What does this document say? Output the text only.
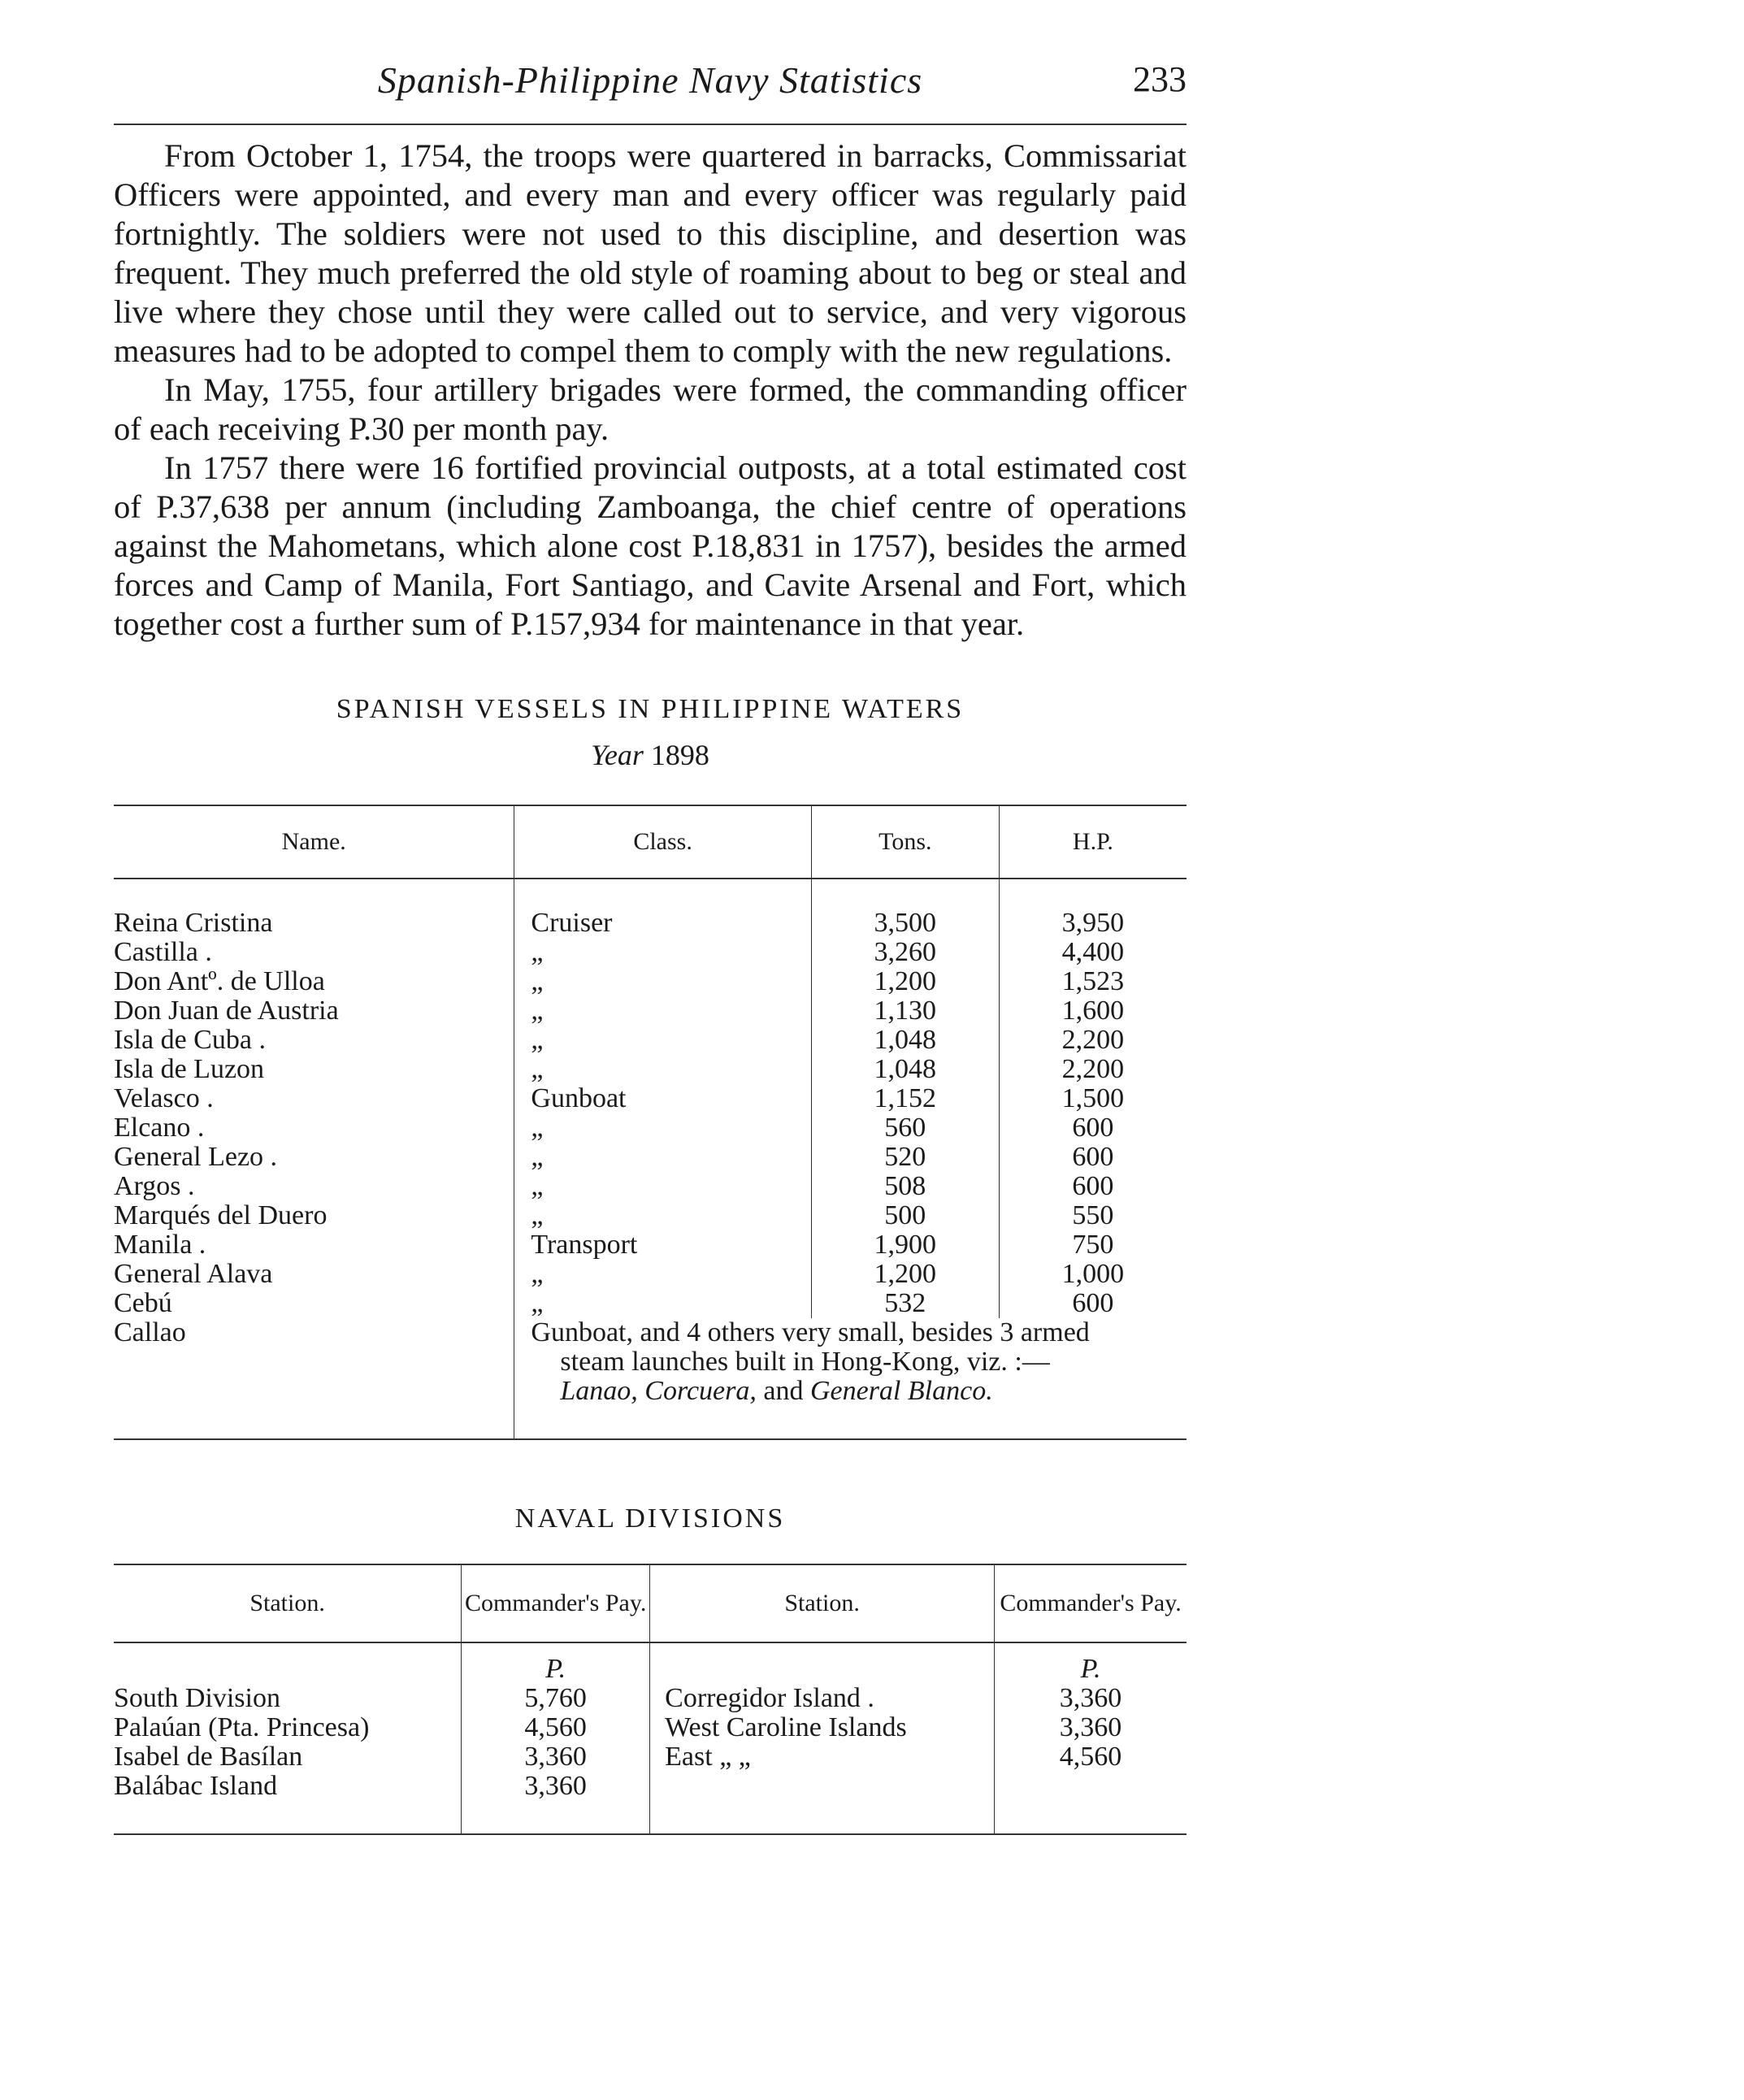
Spanish-Philippine Navy Statistics	233

From October 1, 1754, the troops were quartered in barracks, Commissariat Officers were appointed, and every man and every officer was regularly paid fortnightly. The soldiers were not used to this discipline, and desertion was frequent. They much preferred the old style of roaming about to beg or steal and live where they chose until they were called out to service, and very vigorous measures had to be adopted to compel them to comply with the new regulations.

In May, 1755, four artillery brigades were formed, the commanding officer of each receiving P.30 per month pay.

In 1757 there were 16 fortified provincial outposts, at a total estimated cost of P.37,638 per annum (including Zamboanga, the chief centre of operations against the Mahometans, which alone cost P.18,831 in 1757), besides the armed forces and Camp of Manila, Fort Santiago, and Cavite Arsenal and Fort, which together cost a further sum of P.157,934 for maintenance in that year.

SPANISH VESSELS IN PHILIPPINE WATERS
Year 1898
Name.	Class.	Tons.	H.P.
Reina Cristina	Cruiser	3,500	3,950
Castilla .	„	3,260	4,400
Don Antº. de Ulloa	„	1,200	1,523
Don Juan de Austria	„	1,130	1,600
Isla de Cuba .	„	1,048	2,200
Isla de Luzon	„	1,048	2,200
Velasco .	Gunboat	1,152	1,500
Elcano .	„	560	600
General Lezo .	„	520	600
Argos .	„	508	600
Marqués del Duero	„	500	550
Manila .	Transport	1,900	750
General Alava	„	1,200	1,000
Cebú	„	532	600
Callao	Gunboat, and 4 others very small, besides 3 armed
steam launches built in Hong-Kong, viz. :—
Lanao, Corcuera, and General Blanco.		
NAVAL DIVISIONS
Station.	Commander's Pay.	Station.	Commander's Pay.
	P.		P.
South Division	5,760	Corregidor Island .	3,360
Palaúan (Pta. Princesa)	4,560	West Caroline Islands	3,360
Isabel de Basílan	3,360	East „ „	4,560
Balábac Island	3,360		
